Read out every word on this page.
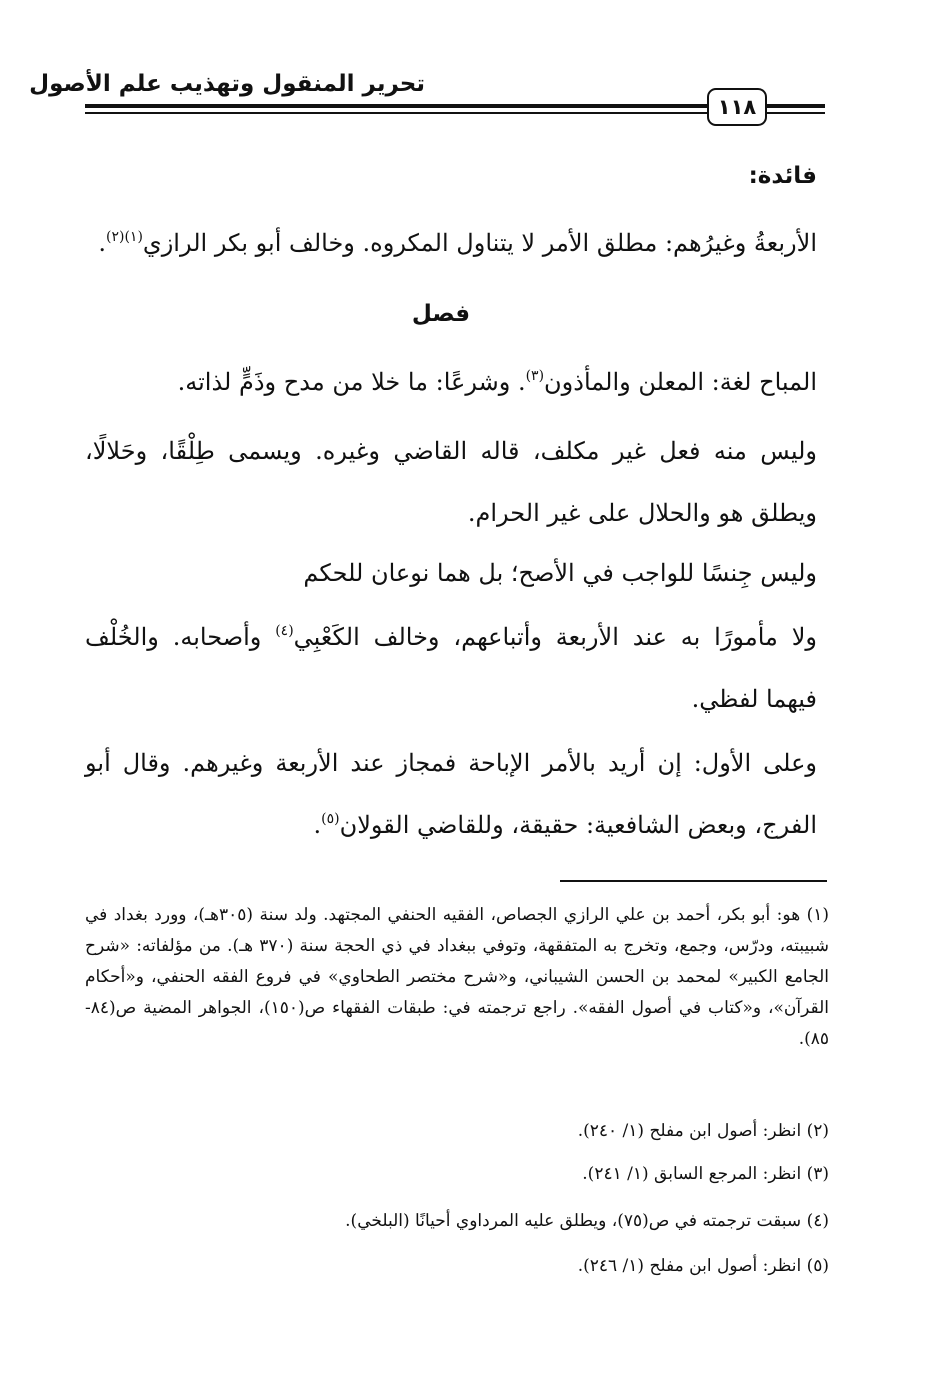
تحرير المنقول وتهذيب علم الأصول
١١٨
فائدة:
الأربعةُ وغيرُهم: مطلق الأمر لا يتناول المكروه. وخالف أبو بكر الرازي$^{(١)(٢)}$.
فصل
المباح لغة: المعلن والمأذون$^{(٣)}$. وشرعًا: ما خلا من مدح وذَمٍّ لذاته.
وليس منه فعل غير مكلف، قاله القاضي وغيره. ويسمى طِلْقًا، وحَلالًا، ويطلق هو والحلال على غير الحرام.
وليس جِنسًا للواجب في الأصح؛ بل هما نوعان للحكم
ولا مأمورًا به عند الأربعة وأتباعهم، وخالف الكَعْبِي$^{(٤)}$ وأصحابه. والخُلْف فيهما لفظي.
وعلى الأول: إن أريد بالأمر الإباحة فمجاز عند الأربعة وغيرهم. وقال أبو الفرج، وبعض الشافعية: حقيقة، وللقاضي القولان$^{(٥)}$.
(١) هو: أبو بكر، أحمد بن علي الرازي الجصاص، الفقيه الحنفي المجتهد. ولد سنة (٣٠٥هـ)، وورد بغداد في شبيبته، ودرّس، وجمع، وتخرج به المتفقهة، وتوفي ببغداد في ذي الحجة سنة (٣٧٠ هـ). من مؤلفاته: «شرح الجامع الكبير» لمحمد بن الحسن الشيباني، و«شرح مختصر الطحاوي» في فروع الفقه الحنفي، و«أحكام القرآن»، و«كتاب في أصول الفقه». راجع ترجمته في: طبقات الفقهاء ص(١٥٠)، الجواهر المضية ص(٨٤- ٨٥).
(٢) انظر: أصول ابن مفلح (١/ ٢٤٠).
(٣) انظر: المرجع السابق (١/ ٢٤١).
(٤) سبقت ترجمته في ص(٧٥)، ويطلق عليه المرداوي أحيانًا (البلخي).
(٥) انظر: أصول ابن مفلح (١/ ٢٤٦).
